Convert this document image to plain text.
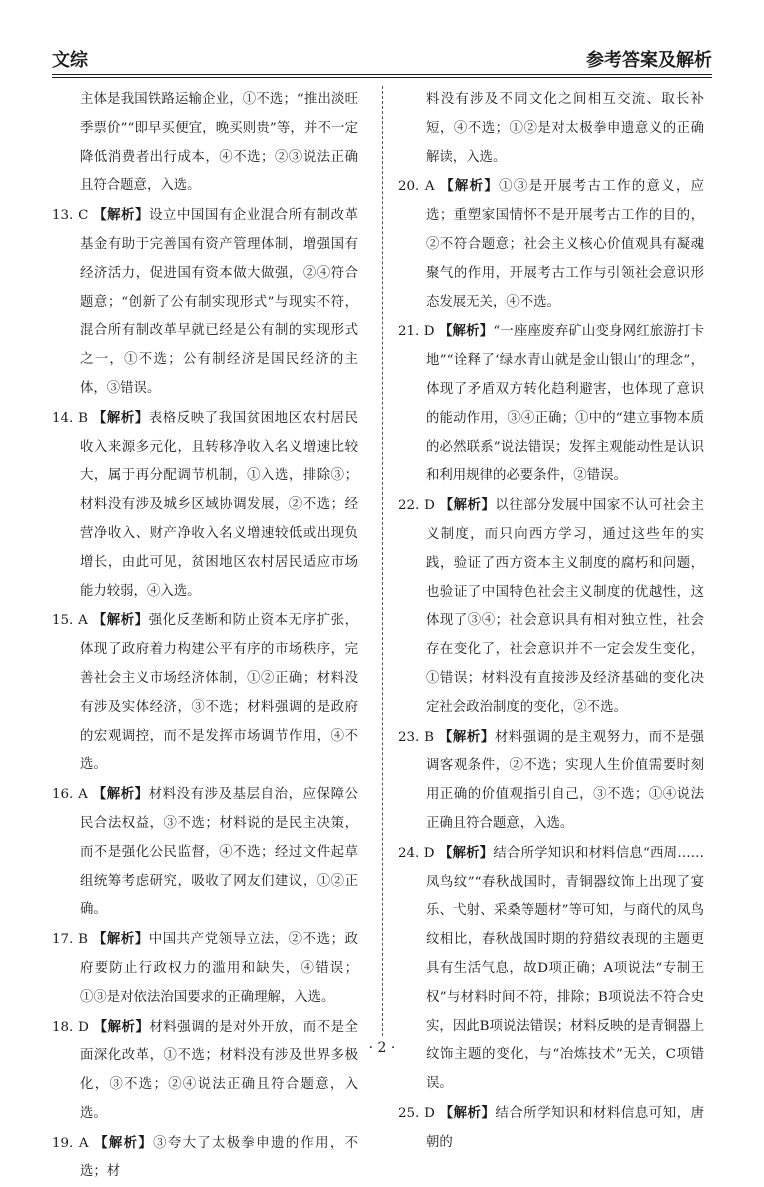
文综	参考答案及解析

主体是我国铁路运输企业，①不选；“推出淡旺季票价”“即早买便宜，晚买则贵”等，并不一定降低消费者出行成本，④不选；②③说法正确且符合题意，入选。

13. C 【解析】设立中国国有企业混合所有制改革基金有助于完善国有资产管理体制，增强国有经济活力，促进国有资本做大做强，②④符合题意；“创新了公有制实现形式”与现实不符，混合所有制改革早就已经是公有制的实现形式之一，①不选；公有制经济是国民经济的主体，③错误。

14. B 【解析】表格反映了我国贫困地区农村居民收入来源多元化，且转移净收入名义增速比较大，属于再分配调节机制，①入选，排除③；材料没有涉及城乡区域协调发展，②不选；经营净收入、财产净收入名义增速较低或出现负增长，由此可见，贫困地区农村居民适应市场能力较弱，④入选。

15. A 【解析】强化反垄断和防止资本无序扩张，体现了政府着力构建公平有序的市场秩序，完善社会主义市场经济体制，①②正确；材料没有涉及实体经济，③不选；材料强调的是政府的宏观调控，而不是发挥市场调节作用，④不选。

16. A 【解析】材料没有涉及基层自治，应保障公民合法权益，③不选；材料说的是民主决策，而不是强化公民监督，④不选；经过文件起草组统筹考虑研究，吸收了网友们建议，①②正确。

17. B 【解析】中国共产党领导立法，②不选；政府要防止行政权力的滥用和缺失，④错误；①③是对依法治国要求的正确理解，入选。

18. D 【解析】材料强调的是对外开放，而不是全面深化改革，①不选；材料没有涉及世界多极化，③不选；②④说法正确且符合题意，入选。

19. A 【解析】③夸大了太极拳申遗的作用，不选；材

料没有涉及不同文化之间相互交流、取长补短，④不选；①②是对太极拳申遗意义的正确解读，入选。

20. A 【解析】①③是开展考古工作的意义，应选；重塑家国情怀不是开展考古工作的目的，②不符合题意；社会主义核心价值观具有凝魂聚气的作用，开展考古工作与引领社会意识形态发展无关，④不选。

21. D 【解析】“一座座废弃矿山变身网红旅游打卡地”“诠释了‘绿水青山就是金山银山’的理念”，体现了矛盾双方转化趋利避害，也体现了意识的能动作用，③④正确；①中的“建立事物本质的必然联系”说法错误；发挥主观能动性是认识和利用规律的必要条件，②错误。

22. D 【解析】以往部分发展中国家不认可社会主义制度，而只向西方学习，通过这些年的实践，验证了西方资本主义制度的腐朽和问题，也验证了中国特色社会主义制度的优越性，这体现了③④；社会意识具有相对独立性，社会存在变化了，社会意识并不一定会发生变化，①错误；材料没有直接涉及经济基础的变化决定社会政治制度的变化，②不选。

23. B 【解析】材料强调的是主观努力，而不是强调客观条件，②不选；实现人生价值需要时刻用正确的价值观指引自己，③不选；①④说法正确且符合题意，入选。

24. D 【解析】结合所学知识和材料信息“西周……凤鸟纹”“春秋战国时，青铜器纹饰上出现了宴乐、弋射、采桑等题材”等可知，与商代的凤鸟纹相比，春秋战国时期的狩猎纹表现的主题更具有生活气息，故D项正确；A项说法“专制王权”与材料时间不符，排除；B项说法不符合史实，因此B项说法错误；材料反映的是青铜器上纹饰主题的变化，与“冶炼技术”无关，C项错误。

25. D 【解析】结合所学知识和材料信息可知，唐朝的

· 2 ·
